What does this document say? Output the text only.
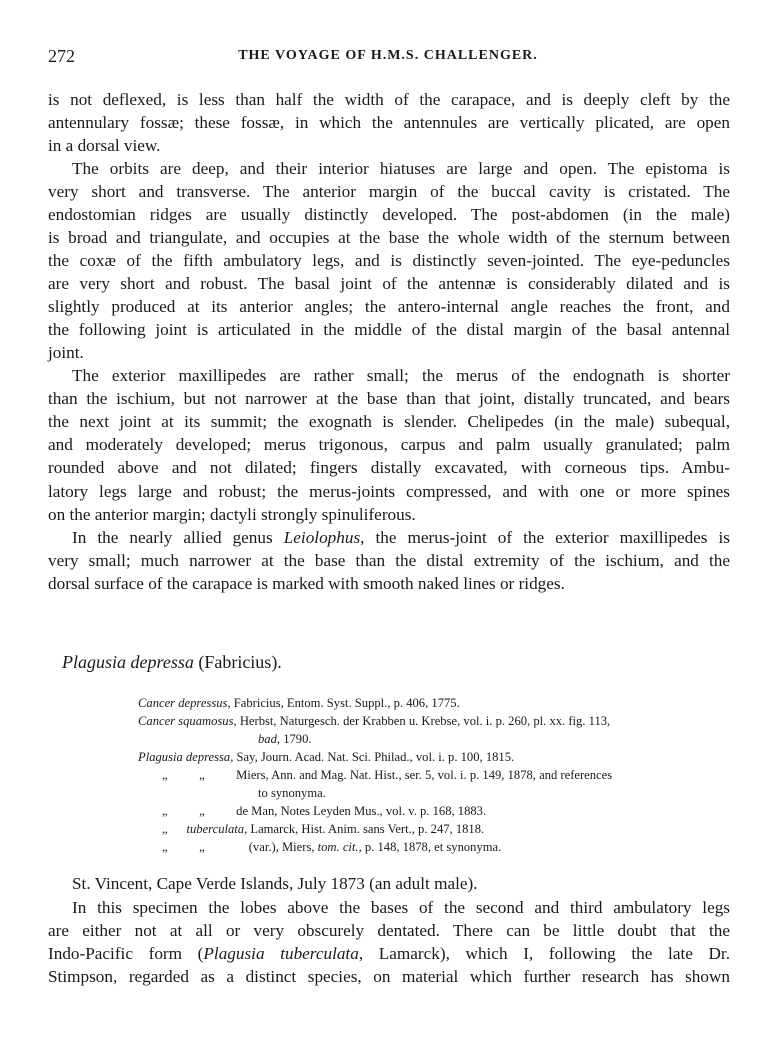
272	THE VOYAGE OF H.M.S. CHALLENGER.
is not deflexed, is less than half the width of the carapace, and is deeply cleft by the
antennulary fossæ; these fossæ, in which the antennules are vertically plicated, are open
in a dorsal view.
The orbits are deep, and their interior hiatuses are large and open. The epistoma is
very short and transverse. The anterior margin of the buccal cavity is cristated. The
endostomian ridges are usually distinctly developed. The post-abdomen (in the male)
is broad and triangulate, and occupies at the base the whole width of the sternum between
the coxæ of the fifth ambulatory legs, and is distinctly seven-jointed. The eye-peduncles
are very short and robust. The basal joint of the antennæ is considerably dilated and is
slightly produced at its anterior angles; the antero-internal angle reaches the front, and
the following joint is articulated in the middle of the distal margin of the basal antennal
joint.
The exterior maxillipedes are rather small; the merus of the endognath is shorter
than the ischium, but not narrower at the base than that joint, distally truncated, and bears
the next joint at its summit; the exognath is slender. Chelipedes (in the male) subequal,
and moderately developed; merus trigonous, carpus and palm usually granulated; palm
rounded above and not dilated; fingers distally excavated, with corneous tips. Ambu-
latory legs large and robust; the merus-joints compressed, and with one or more spines
on the anterior margin; dactyli strongly spinuliferous.
In the nearly allied genus Leiolophus, the merus-joint of the exterior maxillipedes is
very small; much narrower at the base than the distal extremity of the ischium, and the
dorsal surface of the carapace is marked with smooth naked lines or ridges.
Plagusia depressa (Fabricius).
Cancer depressus, Fabricius, Entom. Syst. Suppl., p. 406, 1775.
Cancer squamosus, Herbst, Naturgesch. der Krabben u. Krebse, vol. i. p. 260, pl. xx. fig. 113,
bad, 1790.
Plagusia depressa, Say, Journ. Acad. Nat. Sci. Philad., vol. i. p. 100, 1815.
„          „          Miers, Ann. and Mag. Nat. Hist., ser. 5, vol. i. p. 149, 1878, and references
to synonyma.
„          „          de Man, Notes Leyden Mus., vol. v. p. 168, 1883.
„      tuberculata, Lamarck, Hist. Anim. sans Vert., p. 247, 1818.
„          „              (var.), Miers, tom. cit., p. 148, 1878, et synonyma.
St. Vincent, Cape Verde Islands, July 1873 (an adult male).
In this specimen the lobes above the bases of the second and third ambulatory legs
are either not at all or very obscurely dentated. There can be little doubt that the
Indo-Pacific form (Plagusia tuberculata, Lamarck), which I, following the late Dr.
Stimpson, regarded as a distinct species, on material which further research has shown
